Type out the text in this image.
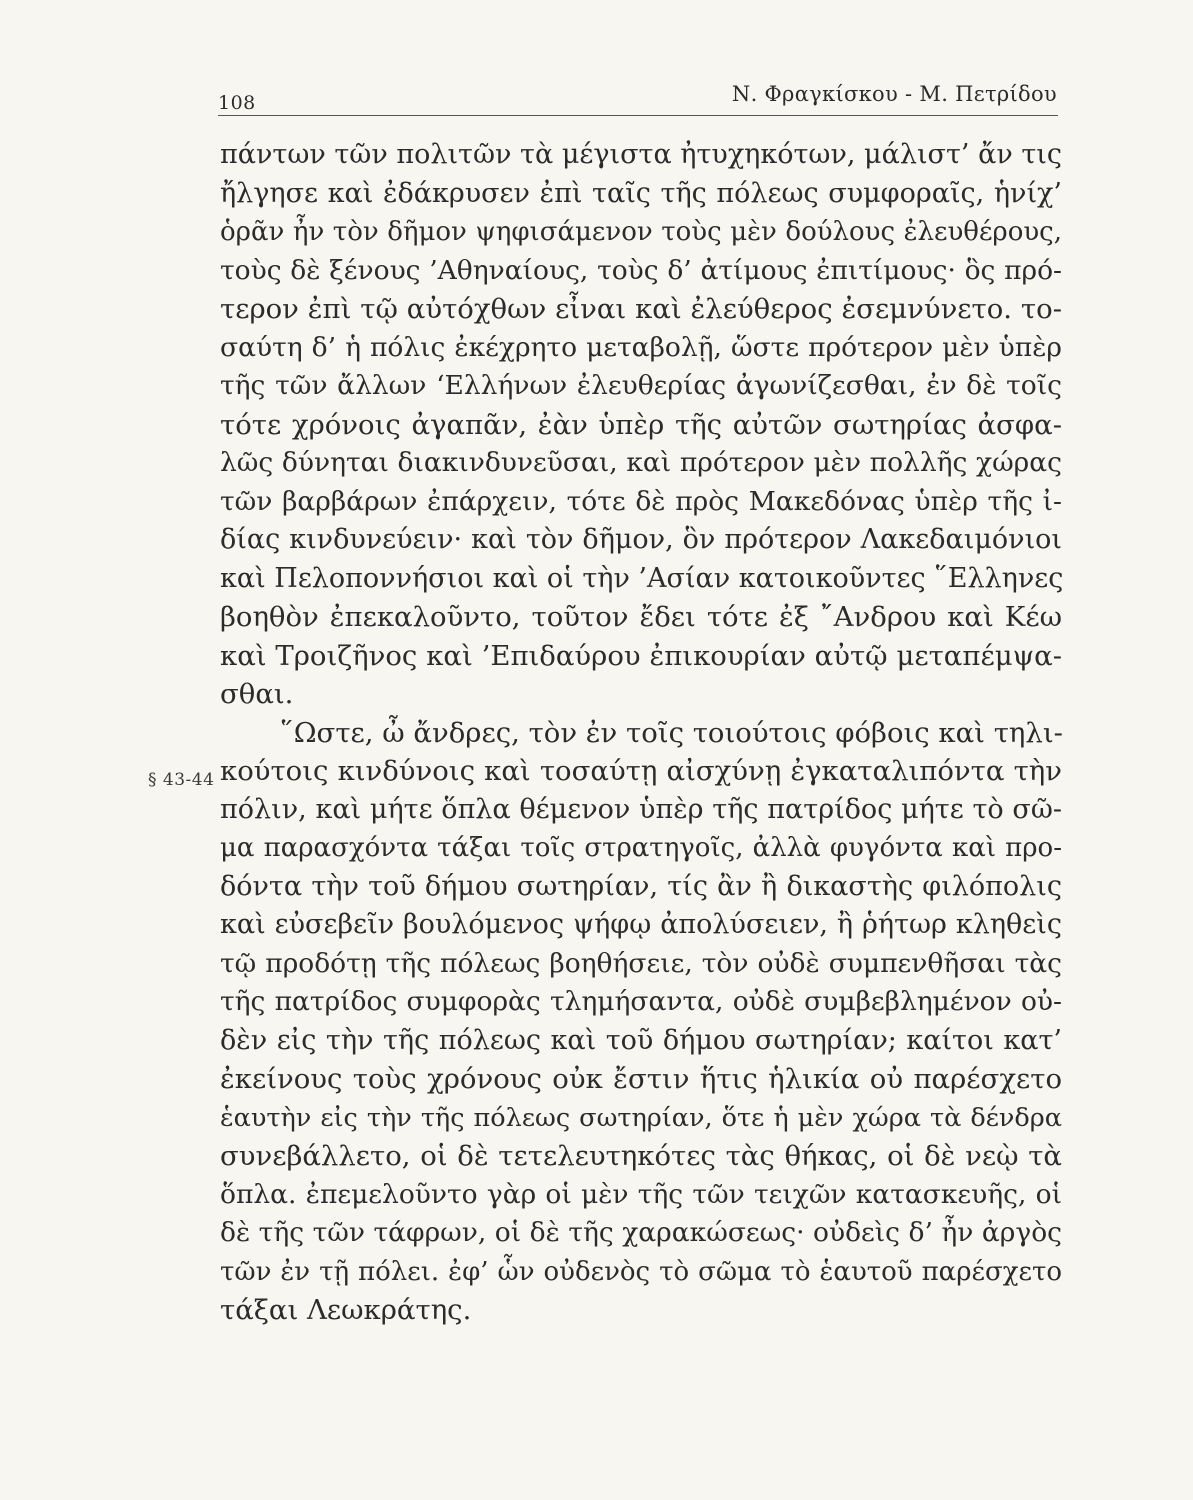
108	Ν. Φραγκίσκου - Μ. Πετρίδου
§ 43-44
πάντων τῶν πολιτῶν τὰ μέγιστα ἠτυχηκότων, μάλιστ’ ἄν τις
ἤλγησε καὶ ἐδάκρυσεν ἐπὶ ταῖς τῆς πόλεως συμφοραῖς, ἡνίχ’
ὁρᾶν ἦν τὸν δῆμον ψηφισάμενον τοὺς μὲν δούλους ἐλευθέρους,
τοὺς δὲ ξένους ’Αθηναίους, τοὺς δ’ ἀτίμους ἐπιτίμους· ὃς πρό-
τερον ἐπὶ τῷ αὐτόχθων εἶναι καὶ ἐλεύθερος ἐσεμνύνετο. το-
σαύτη δ’ ἡ πόλις ἐκέχρητο μεταβολῇ, ὥστε πρότερον μὲν ὑπὲρ
τῆς τῶν ἄλλων ‘Ελλήνων ἐλευθερίας ἀγωνίζεσθαι, ἐν δὲ τοῖς
τότε χρόνοις ἀγαπᾶν, ἐὰν ὑπὲρ τῆς αὐτῶν σωτηρίας ἀσφα-
λῶς δύνηται διακινδυνεῦσαι, καὶ πρότερον μὲν πολλῆς χώρας
τῶν βαρβάρων ἐπάρχειν, τότε δὲ πρὸς Μακεδόνας ὑπὲρ τῆς ἰ-
δίας κινδυνεύειν· καὶ τὸν δῆμον, ὃν πρότερον Λακεδαιμόνιοι
καὶ Πελοποννήσιοι καὶ οἱ τὴν ’Ασίαν κατοικοῦντες ῞Ελληνες
βοηθὸν ἐπεκαλοῦντο, τοῦτον ἔδει τότε ἐξ ῎Ανδρου καὶ Κέω
καὶ Τροιζῆνος καὶ ’Επιδαύρου ἐπικουρίαν αὐτῷ μεταπέμψα-
σθαι.
῞Ωστε, ὦ ἄνδρες, τὸν ἐν τοῖς τοιούτοις φόβοις καὶ τηλι-
κούτοις κινδύνοις καὶ τοσαύτῃ αἰσχύνῃ ἐγκαταλιπόντα τὴν
πόλιν, καὶ μήτε ὅπλα θέμενον ὑπὲρ τῆς πατρίδος μήτε τὸ σῶ-
μα παρασχόντα τάξαι τοῖς στρατηγοῖς, ἀλλὰ φυγόντα καὶ προ-
δόντα τὴν τοῦ δήμου σωτηρίαν, τίς ἂν ἢ δικαστὴς φιλόπολις
καὶ εὐσεβεῖν βουλόμενος ψήφῳ ἀπολύσειεν, ἢ ῥήτωρ κληθεὶς
τῷ προδότῃ τῆς πόλεως βοηθήσειε, τὸν οὐδὲ συμπενθῆσαι τὰς
τῆς πατρίδος συμφορὰς τλημήσαντα, οὐδὲ συμβεβλημένον οὐ-
δὲν εἰς τὴν τῆς πόλεως καὶ τοῦ δήμου σωτηρίαν; καίτοι κατ’
ἐκείνους τοὺς χρόνους οὐκ ἔστιν ἥτις ἡλικία οὐ παρέσχετο
ἑαυτὴν εἰς τὴν τῆς πόλεως σωτηρίαν, ὅτε ἡ μὲν χώρα τὰ δένδρα
συνεβάλλετο, οἱ δὲ τετελευτηκότες τὰς θήκας, οἱ δὲ νεῲ τὰ
ὅπλα. ἐπεμελοῦντο γὰρ οἱ μὲν τῆς τῶν τειχῶν κατασκευῆς, οἱ
δὲ τῆς τῶν τάφρων, οἱ δὲ τῆς χαρακώσεως· οὐδεὶς δ’ ἦν ἀργὸς
τῶν ἐν τῇ πόλει. ἐφ’ ὧν οὐδενὸς τὸ σῶμα τὸ ἑαυτοῦ παρέσχετο
τάξαι Λεωκράτης.
